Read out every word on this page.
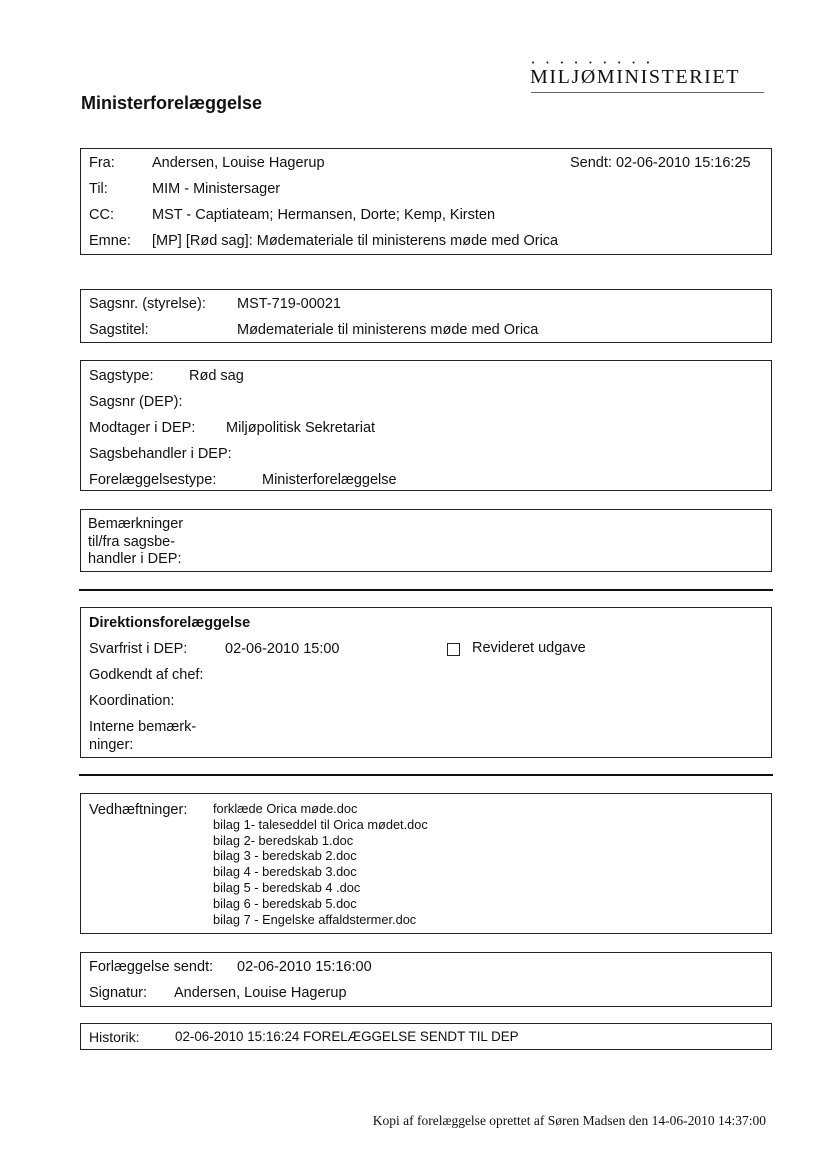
• • • • • • • • •
MILJØMINISTERIET
Ministerforelæggelse
Fra:	Andersen, Louise Hagerup	Sendt: 02-06-2010 15:16:25
Til:	MIM - Ministersager
CC:	MST - Captiateam; Hermansen, Dorte; Kemp, Kirsten
Emne: [MP] [Rød sag]: Mødemateriale til ministerens møde med Orica
Sagsnr. (styrelse): MST-719-00021
Sagstitel:	Mødemateriale til ministerens møde med Orica
Sagstype: Rød sag
Sagsnr (DEP):
Modtager i DEP: Miljøpolitisk Sekretariat
Sagsbehandler i DEP:
Forelæggelsestype:	Ministerforelæggelse
Bemærkninger
til/fra sagsbe-
handler i DEP:
Direktionsforelæggelse
Svarfrist i DEP:	02-06-2010 15:00	Revideret udgave
Godkendt af chef:
Koordination:
Interne bemærk-
ninger:
Vedhæftninger: forklæde Orica møde.doc
bilag 1- taleseddel til Orica mødet.doc
bilag 2- beredskab 1.doc
bilag 3 - beredskab 2.doc
bilag 4 - beredskab 3.doc
bilag 5 - beredskab 4 .doc
bilag 6 - beredskab 5.doc
bilag 7 - Engelske affaldstermer.doc
Forlæggelse sendt: 02-06-2010 15:16:00
Signatur: Andersen, Louise Hagerup
Historik:	02-06-2010 15:16:24 FORELÆGGELSE SENDT TIL DEP
Kopi af forelæggelse oprettet af Søren Madsen den 14-06-2010 14:37:00
